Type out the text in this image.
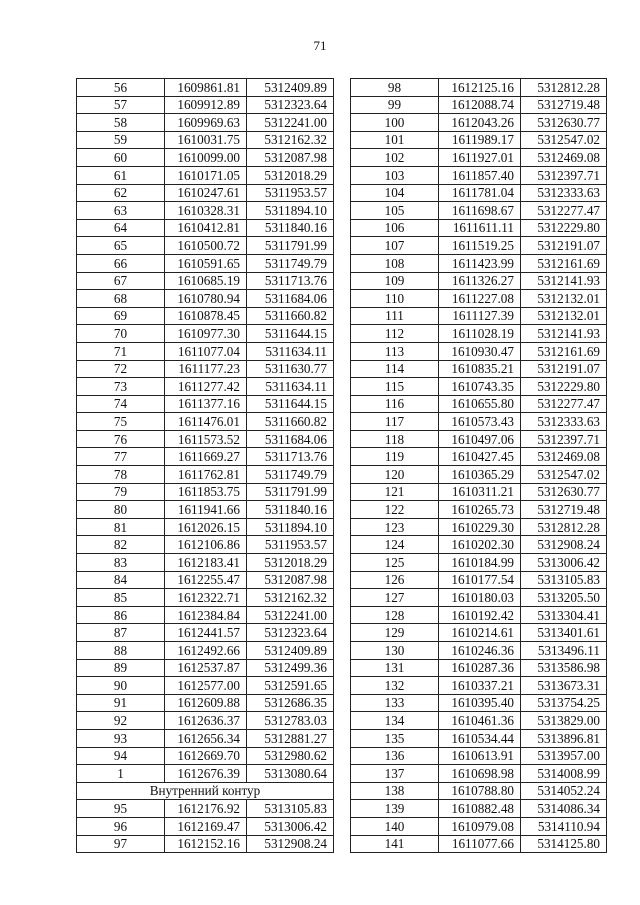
71
56	1609861.81	5312409.89
57	1609912.89	5312323.64
58	1609969.63	5312241.00
59	1610031.75	5312162.32
60	1610099.00	5312087.98
61	1610171.05	5312018.29
62	1610247.61	5311953.57
63	1610328.31	5311894.10
64	1610412.81	5311840.16
65	1610500.72	5311791.99
66	1610591.65	5311749.79
67	1610685.19	5311713.76
68	1610780.94	5311684.06
69	1610878.45	5311660.82
70	1610977.30	5311644.15
71	1611077.04	5311634.11
72	1611177.23	5311630.77
73	1611277.42	5311634.11
74	1611377.16	5311644.15
75	1611476.01	5311660.82
76	1611573.52	5311684.06
77	1611669.27	5311713.76
78	1611762.81	5311749.79
79	1611853.75	5311791.99
80	1611941.66	5311840.16
81	1612026.15	5311894.10
82	1612106.86	5311953.57
83	1612183.41	5312018.29
84	1612255.47	5312087.98
85	1612322.71	5312162.32
86	1612384.84	5312241.00
87	1612441.57	5312323.64
88	1612492.66	5312409.89
89	1612537.87	5312499.36
90	1612577.00	5312591.65
91	1612609.88	5312686.35
92	1612636.37	5312783.03
93	1612656.34	5312881.27
94	1612669.70	5312980.62
1	1612676.39	5313080.64
Внутренний контур		
95	1612176.92	5313105.83
96	1612169.47	5313006.42
97	1612152.16	5312908.24
98	1612125.16	5312812.28
99	1612088.74	5312719.48
100	1612043.26	5312630.77
101	1611989.17	5312547.02
102	1611927.01	5312469.08
103	1611857.40	5312397.71
104	1611781.04	5312333.63
105	1611698.67	5312277.47
106	1611611.11	5312229.80
107	1611519.25	5312191.07
108	1611423.99	5312161.69
109	1611326.27	5312141.93
110	1611227.08	5312132.01
111	1611127.39	5312132.01
112	1611028.19	5312141.93
113	1610930.47	5312161.69
114	1610835.21	5312191.07
115	1610743.35	5312229.80
116	1610655.80	5312277.47
117	1610573.43	5312333.63
118	1610497.06	5312397.71
119	1610427.45	5312469.08
120	1610365.29	5312547.02
121	1610311.21	5312630.77
122	1610265.73	5312719.48
123	1610229.30	5312812.28
124	1610202.30	5312908.24
125	1610184.99	5313006.42
126	1610177.54	5313105.83
127	1610180.03	5313205.50
128	1610192.42	5313304.41
129	1610214.61	5313401.61
130	1610246.36	5313496.11
131	1610287.36	5313586.98
132	1610337.21	5313673.31
133	1610395.40	5313754.25
134	1610461.36	5313829.00
135	1610534.44	5313896.81
136	1610613.91	5313957.00
137	1610698.98	5314008.99
138	1610788.80	5314052.24
139	1610882.48	5314086.34
140	1610979.08	5314110.94
141	1611077.66	5314125.80
